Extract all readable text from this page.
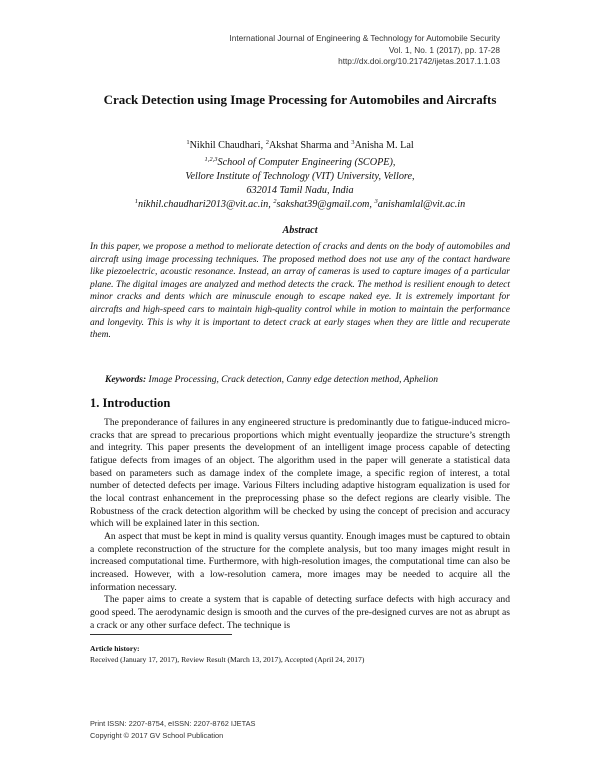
International Journal of Engineering & Technology for Automobile Security
Vol. 1, No. 1 (2017), pp. 17-28
http://dx.doi.org/10.21742/ijetas.2017.1.1.03
Crack Detection using Image Processing for Automobiles and Aircrafts
$^1$Nikhil Chaudhari, $^2$Akshat Sharma and $^3$Anisha M. Lal
$^{1,2,3}$School of Computer Engineering (SCOPE),
Vellore Institute of Technology (VIT) University, Vellore,
632014 Tamil Nadu, India
$^1$nikhil.chaudhari2013@vit.ac.in, $^2$sakshat39@gmail.com, $^3$anishamlal@vit.ac.in
Abstract
In this paper, we propose a method to meliorate detection of cracks and dents on the body of automobiles and aircraft using image processing techniques. The proposed method does not use any of the contact hardware like piezoelectric, acoustic resonance. Instead, an array of cameras is used to capture images of a particular plane. The digital images are analyzed and method detects the crack. The method is resilient enough to detect minor cracks and dents which are minuscule enough to escape naked eye. It is extremely important for aircrafts and high-speed cars to maintain high-quality control while in motion to maintain the performance and longevity. This is why it is important to detect crack at early stages when they are little and recuperate them.
Keywords: Image Processing, Crack detection, Canny edge detection method, Aphelion
1. Introduction

The preponderance of failures in any engineered structure is predominantly due to fatigue-induced micro-cracks that are spread to precarious proportions which might eventually jeopardize the structure’s strength and integrity. This paper presents the development of an intelligent image process capable of detecting fatigue defects from images of an object. The algorithm used in the paper will generate a statistical data based on parameters such as damage index of the complete image, a specific region of interest, a total number of detected defects per image. Various Filters including adaptive histogram equalization is used for the local contrast enhancement in the preprocessing phase so the defect regions are clearly visible. The Robustness of the crack detection algorithm will be checked by using the concept of precision and accuracy which will be explained later in this section.

An aspect that must be kept in mind is quality versus quantity. Enough images must be captured to obtain a complete reconstruction of the structure for the complete analysis, but too many images might result in increased computational time. Furthermore, with high-resolution images, the computational time can also be increased. However, with a low-resolution camera, more images may be needed to acquire all the information necessary.

The paper aims to create a system that is capable of detecting surface defects with high accuracy and good speed. The aerodynamic design is smooth and the curves of the pre-designed curves are not as abrupt as a crack or any other surface defect. The technique is

Article history:
Received (January 17, 2017), Review Result (March 13, 2017), Accepted (April 24, 2017)
Print ISSN: 2207-8754, eISSN: 2207-8762 IJETAS
Copyright © 2017 GV School Publication
